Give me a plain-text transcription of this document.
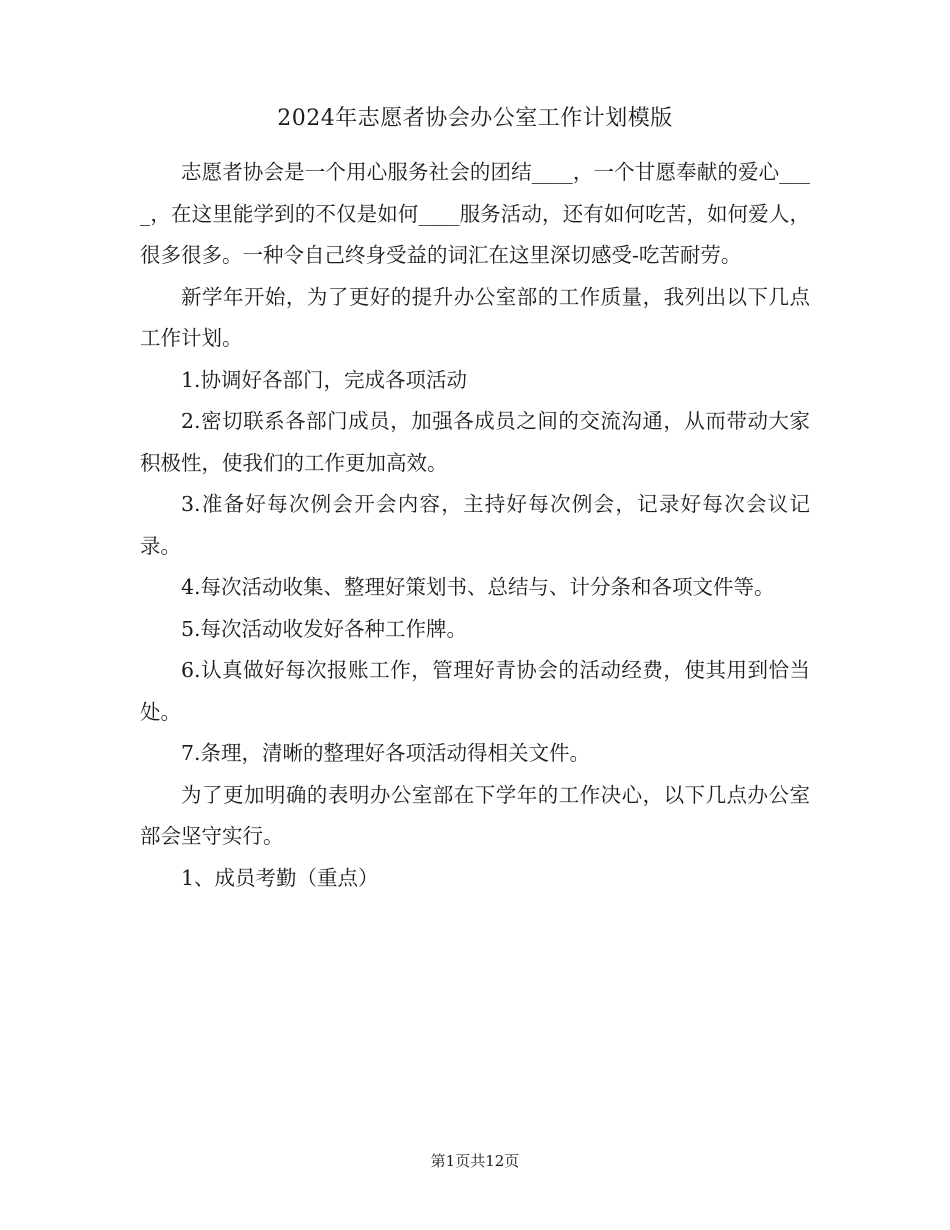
2024年志愿者协会办公室工作计划模版

志愿者协会是一个用心服务社会的团结____，一个甘愿奉献的爱心____，在这里能学到的不仅是如何____服务活动，还有如何吃苦，如何爱人，很多很多。一种令自己终身受益的词汇在这里深切感受-吃苦耐劳。

新学年开始，为了更好的提升办公室部的工作质量，我列出以下几点工作计划。

1.协调好各部门，完成各项活动

2.密切联系各部门成员，加强各成员之间的交流沟通，从而带动大家积极性，使我们的工作更加高效。

3.准备好每次例会开会内容，主持好每次例会，记录好每次会议记录。

4.每次活动收集、整理好策划书、总结与、计分条和各项文件等。

5.每次活动收发好各种工作牌。

6.认真做好每次报账工作，管理好青协会的活动经费，使其用到恰当处。

7.条理，清晰的整理好各项活动得相关文件。

为了更加明确的表明办公室部在下学年的工作决心，以下几点办公室部会坚守实行。

1、成员考勤（重点）

第1页共12页
